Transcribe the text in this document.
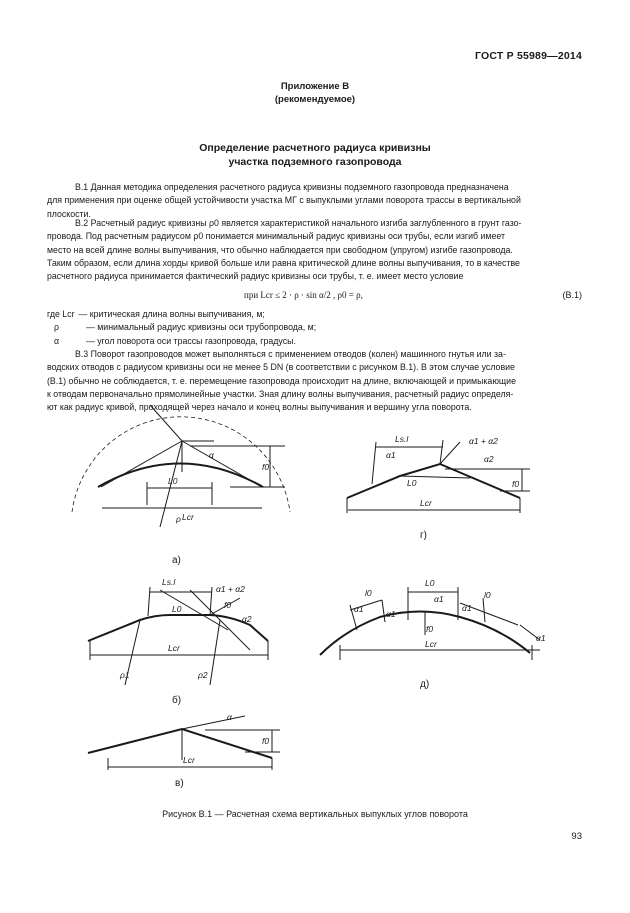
ГОСТ Р 55989—2014
Приложение В
(рекомендуемое)
Определение расчетного радиуса кривизны
участка подземного газопровода
В.1 Данная методика определения расчетного радиуса кривизны подземного газопровода предназначена
для применения при оценке общей устойчивости участка МГ с выпуклыми углами поворота трассы в вертикальной
плоскости.
В.2 Расчетный радиус кривизны ρ0 является характеристикой начального изгиба заглубленного в грунт газо-
провода. Под расчетным радиусом ρ0 понимается минимальный радиус кривизны оси трубы, если изгиб имеет
место на всей длине волны выпучивания, что обычно наблюдается при свободном (упругом) изгибе газопровода.
Таким образом, если длина хорды кривой больше или равна критической длине волны выпучивания, то в качестве
расчетного радиуса принимается фактический радиус кривизны оси трубы, т. е. имеет место условие
при Lcr ≤ 2 · ρ · sin α/2 , ρ0 = ρ,	(В.1)
где Lcr — критическая длина волны выпучивания, м;
ρ	— минимальный радиус кривизны оси трубопровода, м;
α	— угол поворота оси трассы газопровода, градусы.
В.3 Поворот газопроводов может выполняться с применением отводов (колен) машинного гнутья или за-
водских отводов с радиусом кривизны оси не менее 5 DN (в соответствии с рисунком В.1). В этом случае условие
(В.1) обычно не соблюдается, т. е. перемещение газопровода происходит на длине, включающей и примыкающие
к отводам первоначально прямолинейные участки. Зная длину волны выпучивания, расчетный радиус определя-
ют как радиус кривой, проходящей через начало и конец волны выпучивания и вершину угла поворота.
α
L0
Lcr
f0
ρ
Ls.l	α1 + α2
α1	α2
L0
Lcr
f0
Ls.l
α1 + α2
α2
L0
Lcr
f0
ρ1	ρ2
l0
L0
l0
α1	α1
α1
α1
α1
f0
Lcr
α
f0
Lcr
а)
г)
б)
д)
в)
Рисунок В.1 — Расчетная схема вертикальных выпуклых углов поворота
93
